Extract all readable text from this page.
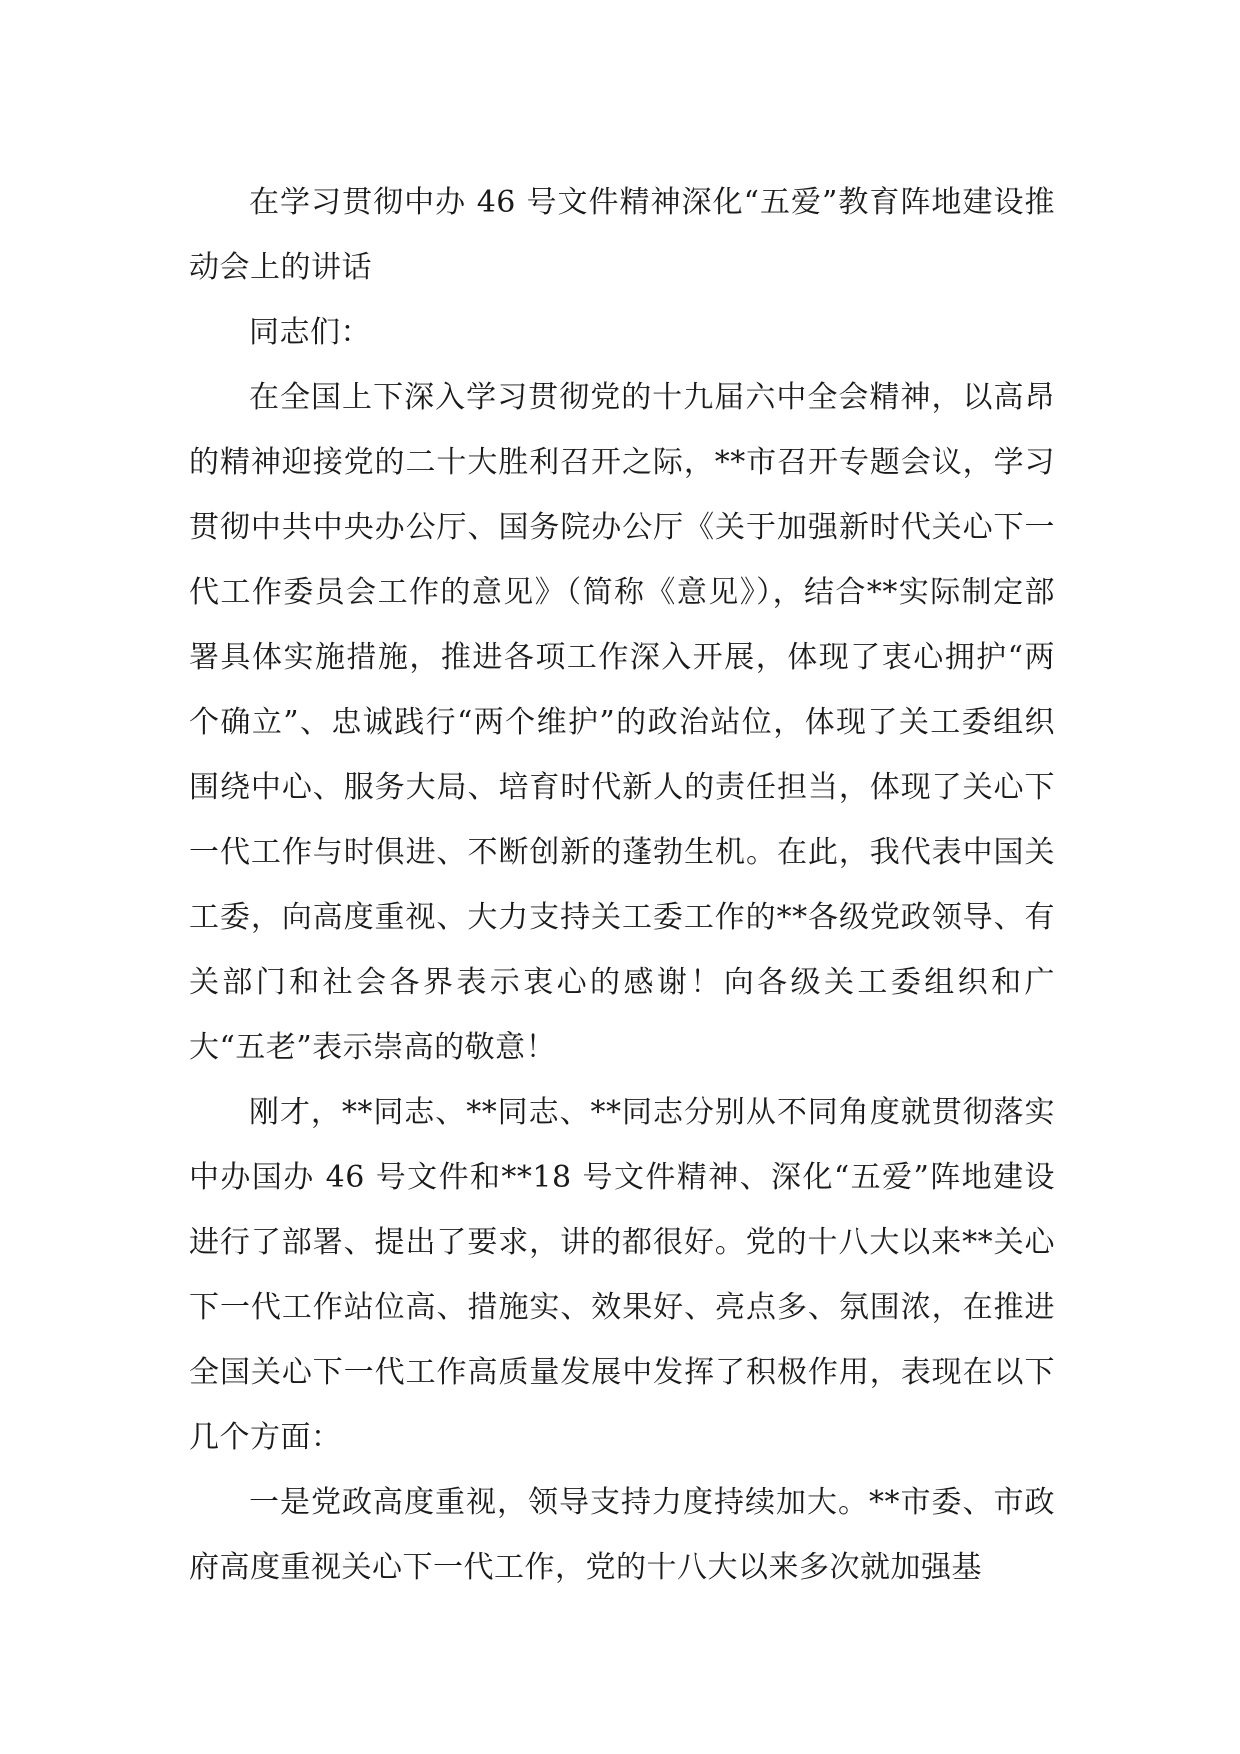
在学习贯彻中办 46 号文件精神深化“五爱”教育阵地建设推动会上的讲话

同志们：

在全国上下深入学习贯彻党的十九届六中全会精神，以高昂的精神迎接党的二十大胜利召开之际，**市召开专题会议，学习贯彻中共中央办公厅、国务院办公厅《关于加强新时代关心下一代工作委员会工作的意见》（简称《意见》），结合**实际制定部署具体实施措施，推进各项工作深入开展，体现了衷心拥护“两个确立”、忠诚践行“两个维护”的政治站位，体现了关工委组织围绕中心、服务大局、培育时代新人的责任担当，体现了关心下一代工作与时俱进、不断创新的蓬勃生机。在此，我代表中国关工委，向高度重视、大力支持关工委工作的**各级党政领导、有关部门和社会各界表示衷心的感谢！向各级关工委组织和广大“五老”表示崇高的敬意！

刚才，**同志、**同志、**同志分别从不同角度就贯彻落实中办国办 46 号文件和**18 号文件精神、深化“五爱”阵地建设进行了部署、提出了要求，讲的都很好。党的十八大以来**关心下一代工作站位高、措施实、效果好、亮点多、氛围浓，在推进全国关心下一代工作高质量发展中发挥了积极作用，表现在以下几个方面：

一是党政高度重视，领导支持力度持续加大。**市委、市政府高度重视关心下一代工作，党的十八大以来多次就加强基
